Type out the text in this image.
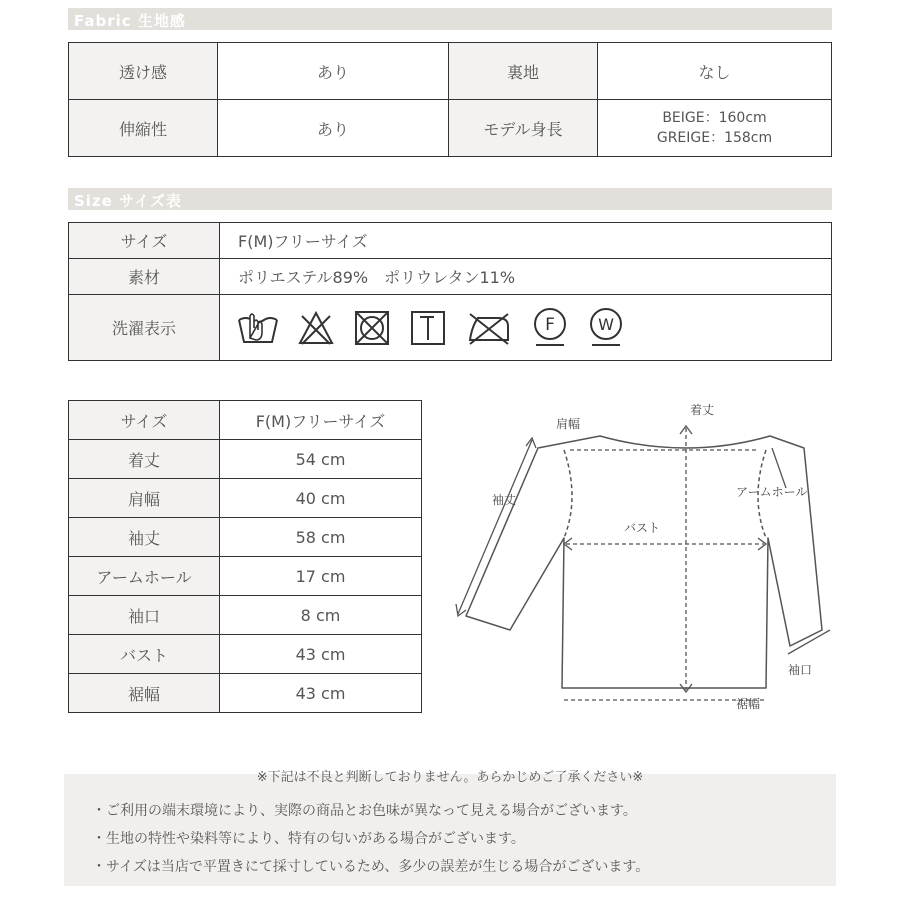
Fabric 生地感
透け感	あり	裏地	なし
伸縮性	あり	モデル身長	BEIGE：160cm
GREIGE：158cm
Size サイズ表
サイズ	F(M)フリーサイズ
素材	ポリエステル89%　ポリウレタン11%
洗濯表示	F W
サイズ	F(M)フリーサイズ
着丈	54 cm
肩幅	40 cm
袖丈	58 cm
アームホール	17 cm
袖口	8 cm
バスト	43 cm
裾幅	43 cm
着丈
肩幅
袖丈
アームホール
バスト
袖口
裾幅
※下記は不良と判断しておりません。あらかじめご了承ください※
・ご利用の端末環境により、実際の商品とお色味が異なって見える場合がございます。
・生地の特性や染料等により、特有の匂いがある場合がございます。
・サイズは当店で平置きにて採寸しているため、多少の誤差が生じる場合がございます。
